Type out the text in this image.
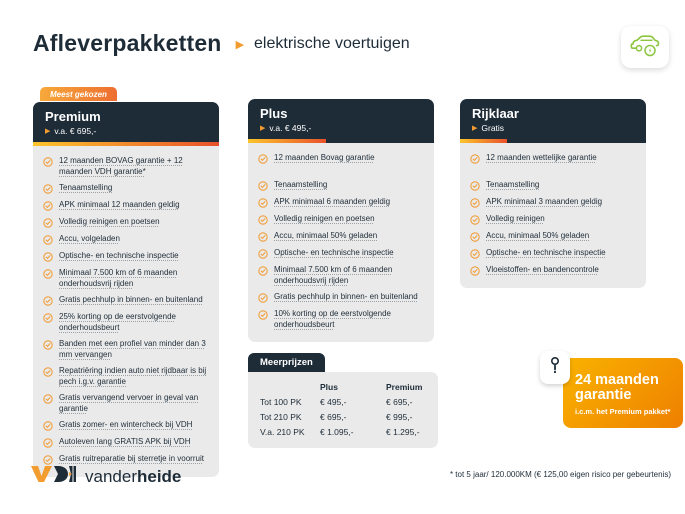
Afleverpakketten ▶ elektrische voertuigen
Meest gekozen
Premium
▶ v.a. € 695,-
12 maanden BOVAG garantie + 12 maanden VDH garantie*
Tenaamstelling
APK minimaal 12 maanden geldig
Volledig reinigen en poetsen
Accu, volgeladen
Optische- en technische inspectie
Minimaal 7.500 km of 6 maanden onderhoudsvrij rijden
Gratis pechhulp in binnen- en buitenland
25% korting op de eerstvolgende onderhoudsbeurt
Banden met een profiel van minder dan 3 mm vervangen
Repatriëring indien auto niet rijdbaar is bij pech i.g.v. garantie
Gratis vervangend vervoer in geval van garantie
Gratis zomer- en wintercheck bij VDH
Autoleven lang GRATIS APK bij VDH
Gratis ruitreparatie bij sterretje in voorruit
Plus
▶ v.a. € 495,-
12 maanden Bovag garantie
Tenaamstelling
APK minimaal 6 maanden geldig
Volledig reinigen en poetsen
Accu, minimaal 50% geladen
Optische- en technische inspectie
Minimaal 7.500 km of 6 maanden onderhoudsvrij rijden
Gratis pechhulp in binnen- en buitenland
10% korting op de eerstvolgende onderhoudsbeurt
Rijklaar
▶ Gratis
12 maanden wettelijke garantie
Tenaamstelling
APK minimaal 3 maanden geldig
Volledig reinigen
Accu, minimaal 50% geladen
Optische- en technische inspectie
Vloeistoffen- en bandencontrole
Meerprijzen
	Plus	Premium
Tot 100 PK	€ 495,-	€ 695,-
Tot 210 PK	€ 695,-	€ 995,-
V.a. 210 PK	€ 1.095,-	€ 1.295,-
24 maanden garantie
i.c.m. het Premium pakket*
vanderheide	* tot 5 jaar/ 120.000KM (€ 125,00 eigen risico per gebeurtenis)
